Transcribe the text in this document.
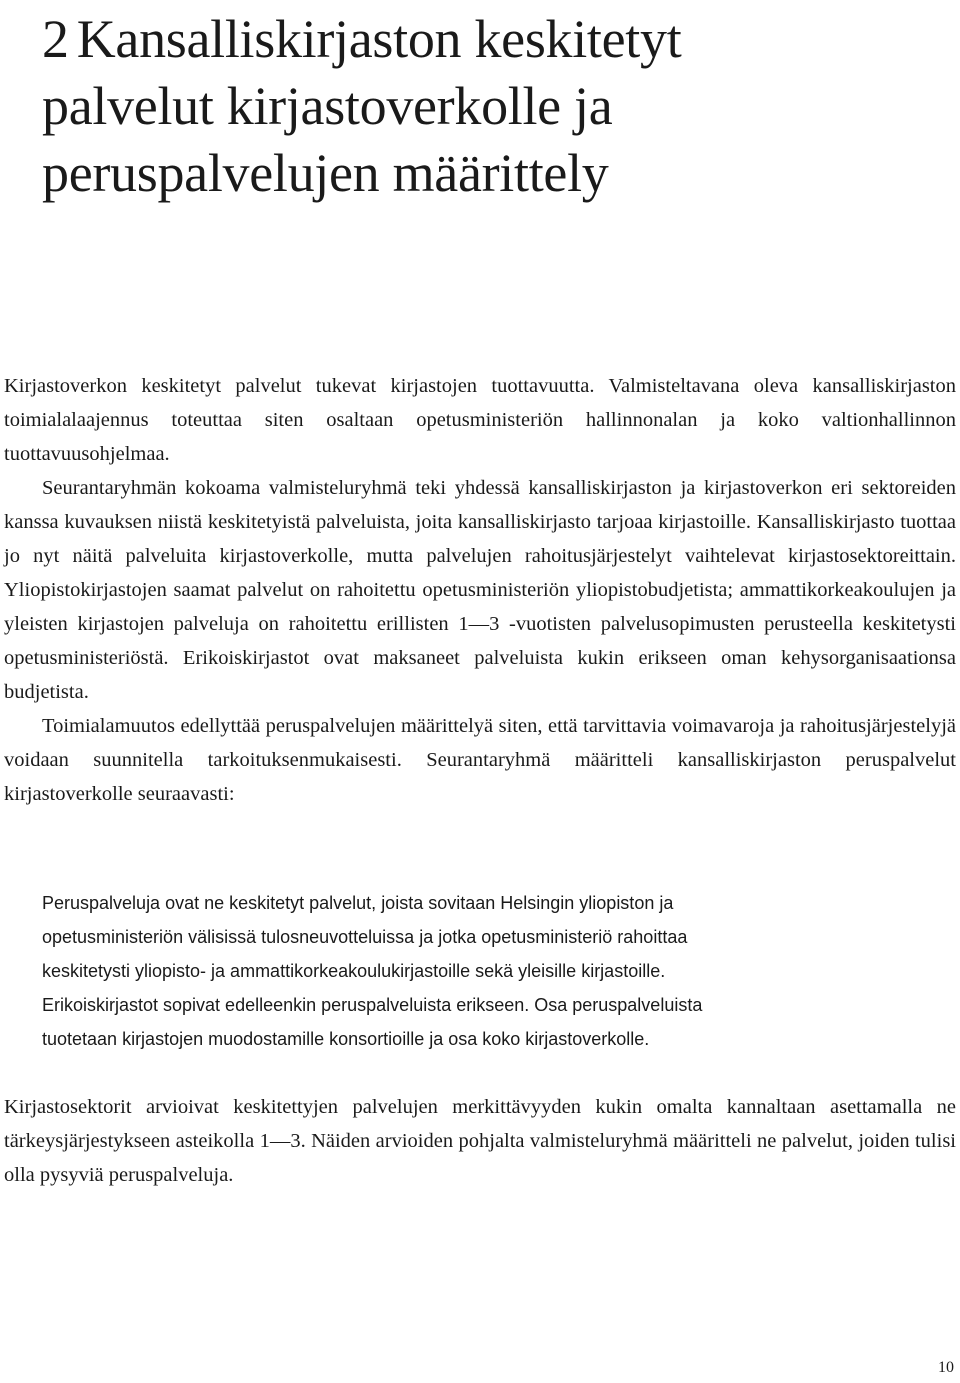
2 Kansalliskirjaston keskitetyt
palvelut kirjastoverkolle ja
peruspalvelujen määrittely

Kirjastoverkon keskitetyt palvelut tukevat kirjastojen tuottavuutta. Valmisteltavana oleva kansalliskirjaston toimialalaajennus toteuttaa siten osaltaan opetusministeriön hallinnonalan ja koko valtionhallinnon tuottavuusohjelmaa.

Seurantaryhmän kokoama valmisteluryhmä teki yhdessä kansalliskirjaston ja kirjastoverkon eri sektoreiden kanssa kuvauksen niistä keskitetyistä palveluista, joita kansalliskirjasto tarjoaa kirjastoille. Kansalliskirjasto tuottaa jo nyt näitä palveluita kirjastoverkolle, mutta palvelujen rahoitusjärjestelyt vaihtelevat kirjastosektoreittain. Yliopistokirjastojen saamat palvelut on rahoitettu opetusministeriön yliopistobudjetista; ammattikorkeakoulujen ja yleisten kirjastojen palveluja on rahoitettu erillisten 1—3 -vuotisten palvelusopimusten perusteella keskitetysti opetusministeriöstä. Erikoiskirjastot ovat maksaneet palveluista kukin erikseen oman kehysorganisaationsa budjetista.

Toimialamuutos edellyttää peruspalvelujen määrittelyä siten, että tarvittavia voimavaroja ja rahoitusjärjestelyjä voidaan suunnitella tarkoituksenmukaisesti. Seurantaryhmä määritteli kansalliskirjaston peruspalvelut kirjastoverkolle seuraavasti:

Peruspalveluja ovat ne keskitetyt palvelut, joista sovitaan Helsingin yliopiston ja
opetusministeriön välisissä tulosneuvotteluissa ja jotka opetusministeriö rahoittaa
keskitetysti yliopisto- ja ammattikorkeakoulukirjastoille sekä yleisille kirjastoille.
Erikoiskirjastot sopivat edelleenkin peruspalveluista erikseen. Osa peruspalveluista
tuotetaan kirjastojen muodostamille konsortioille ja osa koko kirjastoverkolle.

Kirjastosektorit arvioivat keskitettyjen palvelujen merkittävyyden kukin omalta kannaltaan asettamalla ne tärkeysjärjestykseen asteikolla 1—3. Näiden arvioiden pohjalta valmisteluryhmä määritteli ne palvelut, joiden tulisi olla pysyviä peruspalveluja.

10
